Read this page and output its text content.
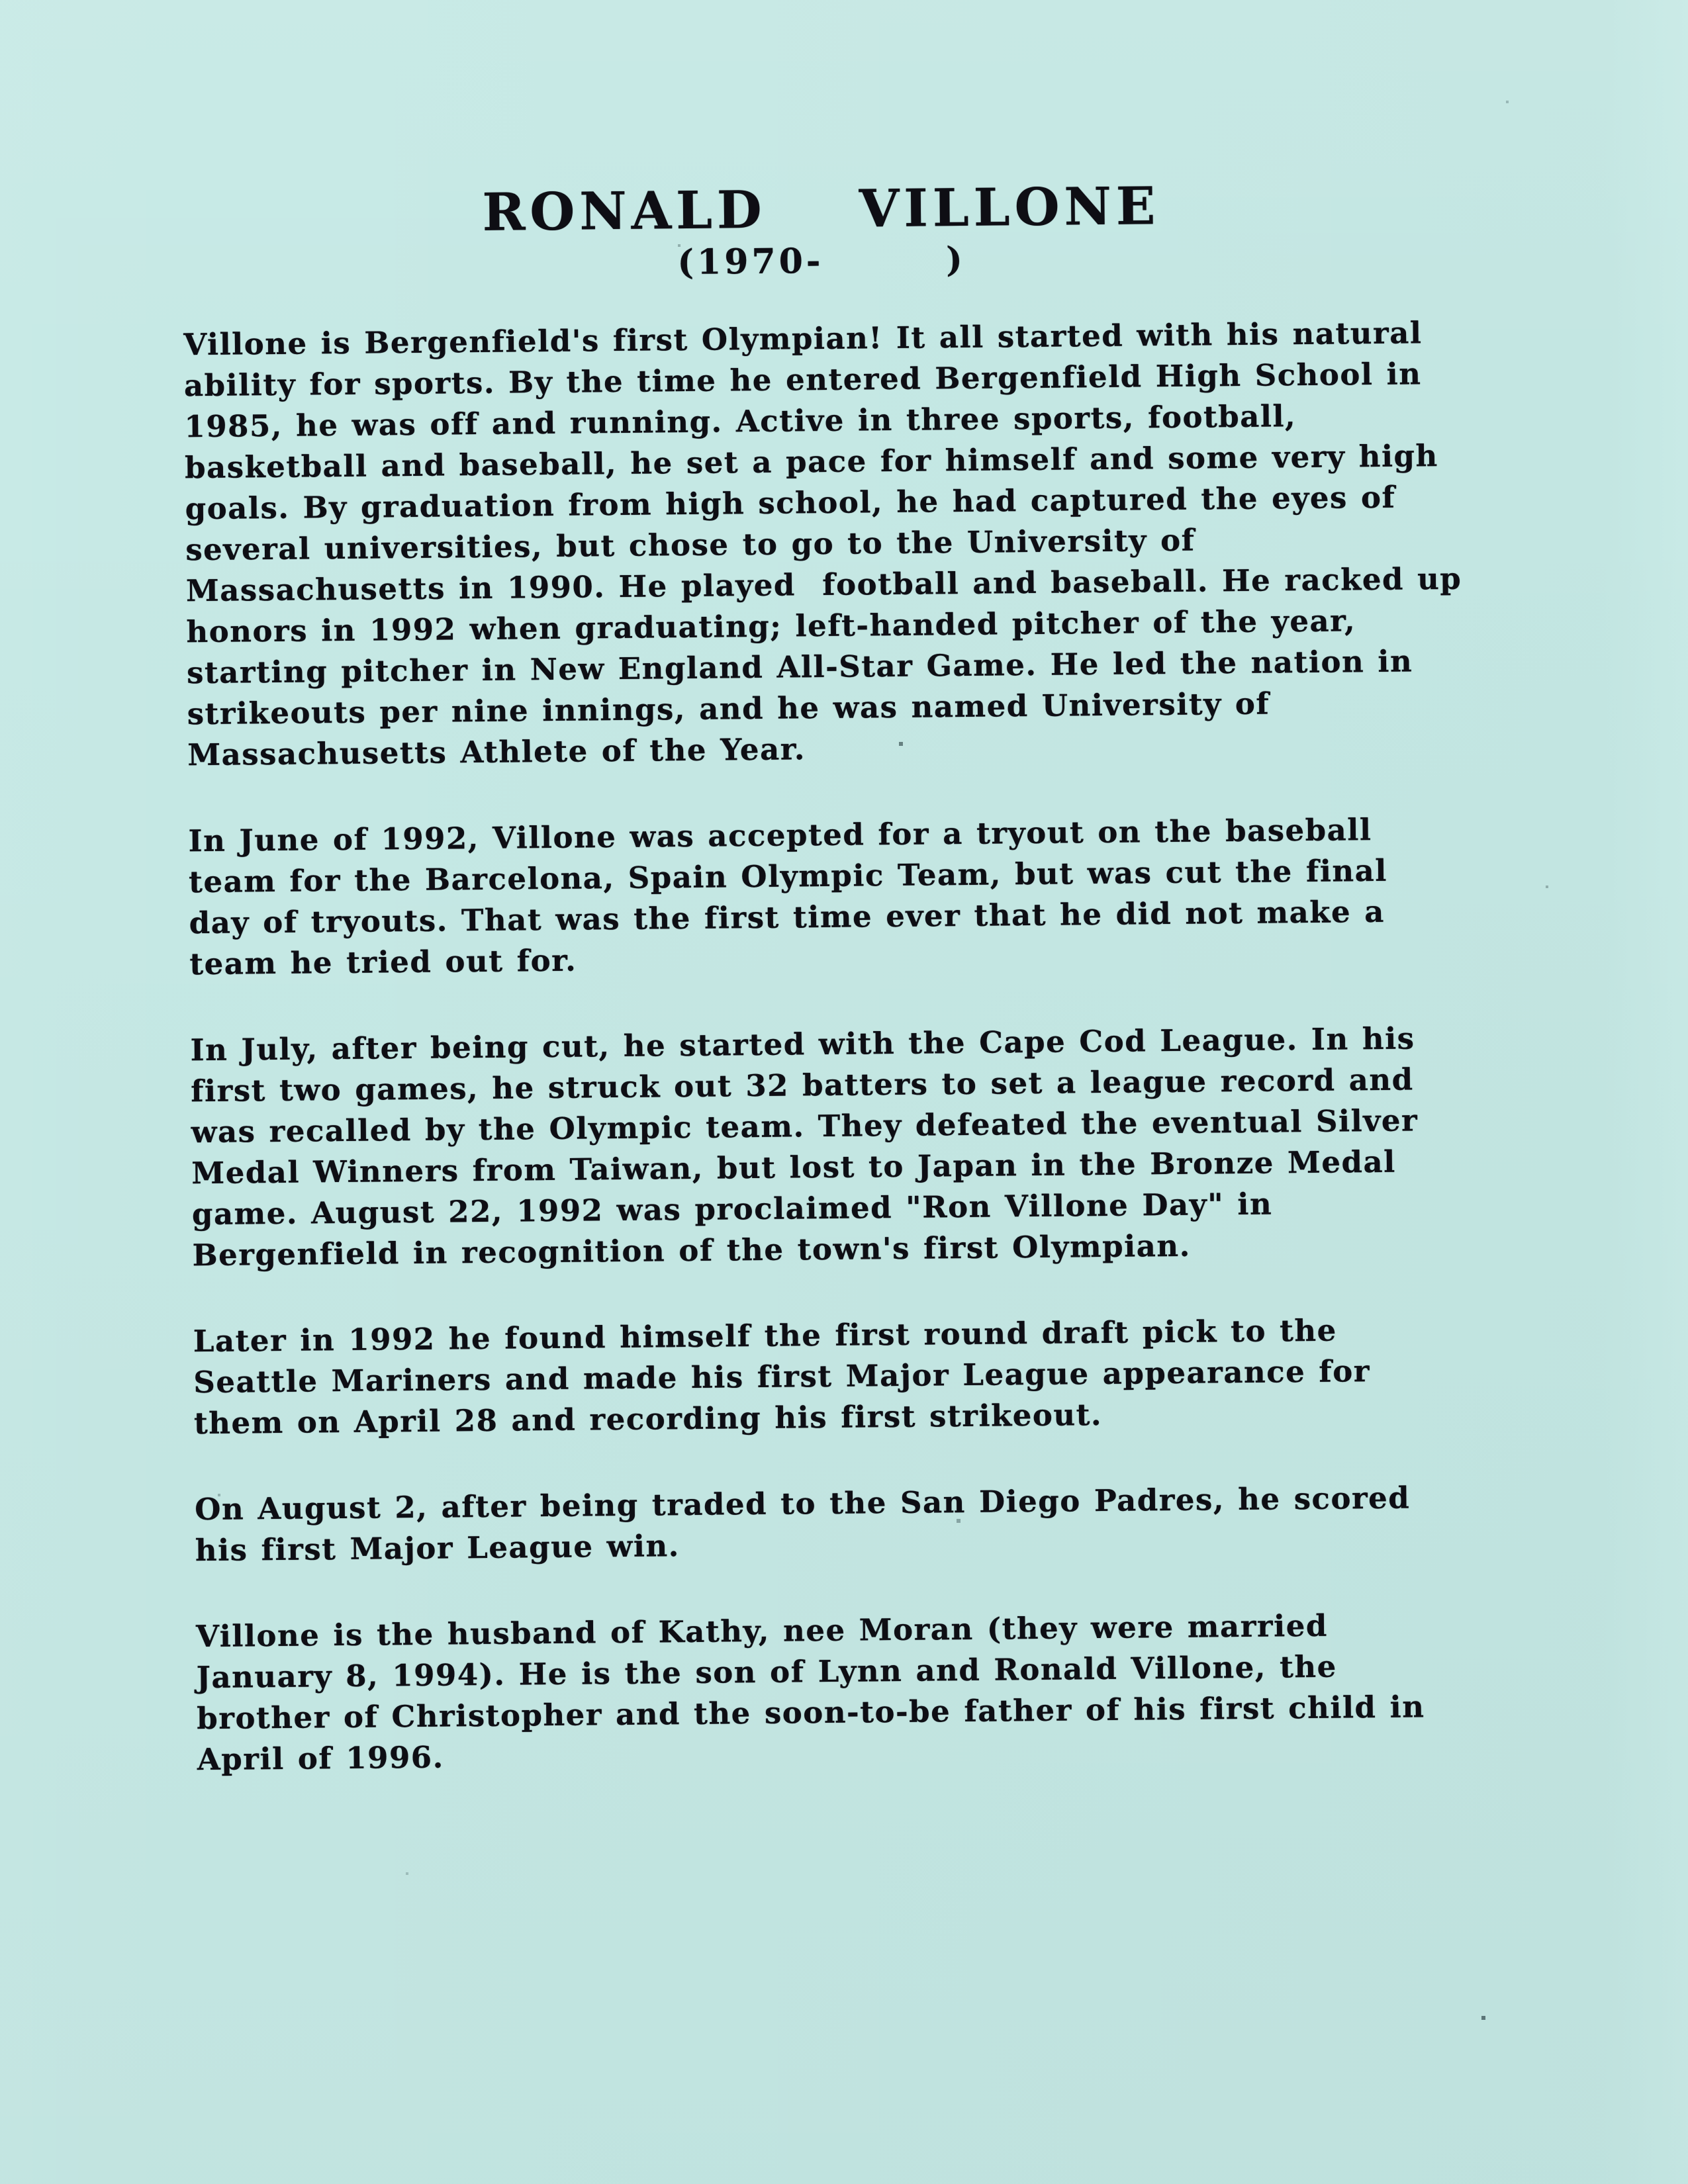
RONALD  VILLONE
(1970-        )

Villone is Bergenfield's first Olympian! It all started with his natural
ability for sports. By the time he entered Bergenfield High School in
1985, he was off and running. Active in three sports, football,
basketball and baseball, he set a pace for himself and some very high
goals. By graduation from high school, he had captured the eyes of
several universities, but chose to go to the University of
Massachusetts in 1990. He played  football and baseball. He racked up
honors in 1992 when graduating; left-handed pitcher of the year,
starting pitcher in New England All-Star Game. He led the nation in
strikeouts per nine innings, and he was named University of
Massachusetts Athlete of the Year.

In June of 1992, Villone was accepted for a tryout on the baseball
team for the Barcelona, Spain Olympic Team, but was cut the final
day of tryouts. That was the first time ever that he did not make a
team he tried out for.

In July, after being cut, he started with the Cape Cod League. In his
first two games, he struck out 32 batters to set a league record and
was recalled by the Olympic team. They defeated the eventual Silver
Medal Winners from Taiwan, but lost to Japan in the Bronze Medal
game. August 22, 1992 was proclaimed "Ron Villone Day" in
Bergenfield in recognition of the town's first Olympian.

Later in 1992 he found himself the first round draft pick to the
Seattle Mariners and made his first Major League appearance for
them on April 28 and recording his first strikeout.

On August 2, after being traded to the San Diego Padres, he scored
his first Major League win.

Villone is the husband of Kathy, nee Moran (they were married
January 8, 1994). He is the son of Lynn and Ronald Villone, the
brother of Christopher and the soon-to-be father of his first child in
April of 1996.
